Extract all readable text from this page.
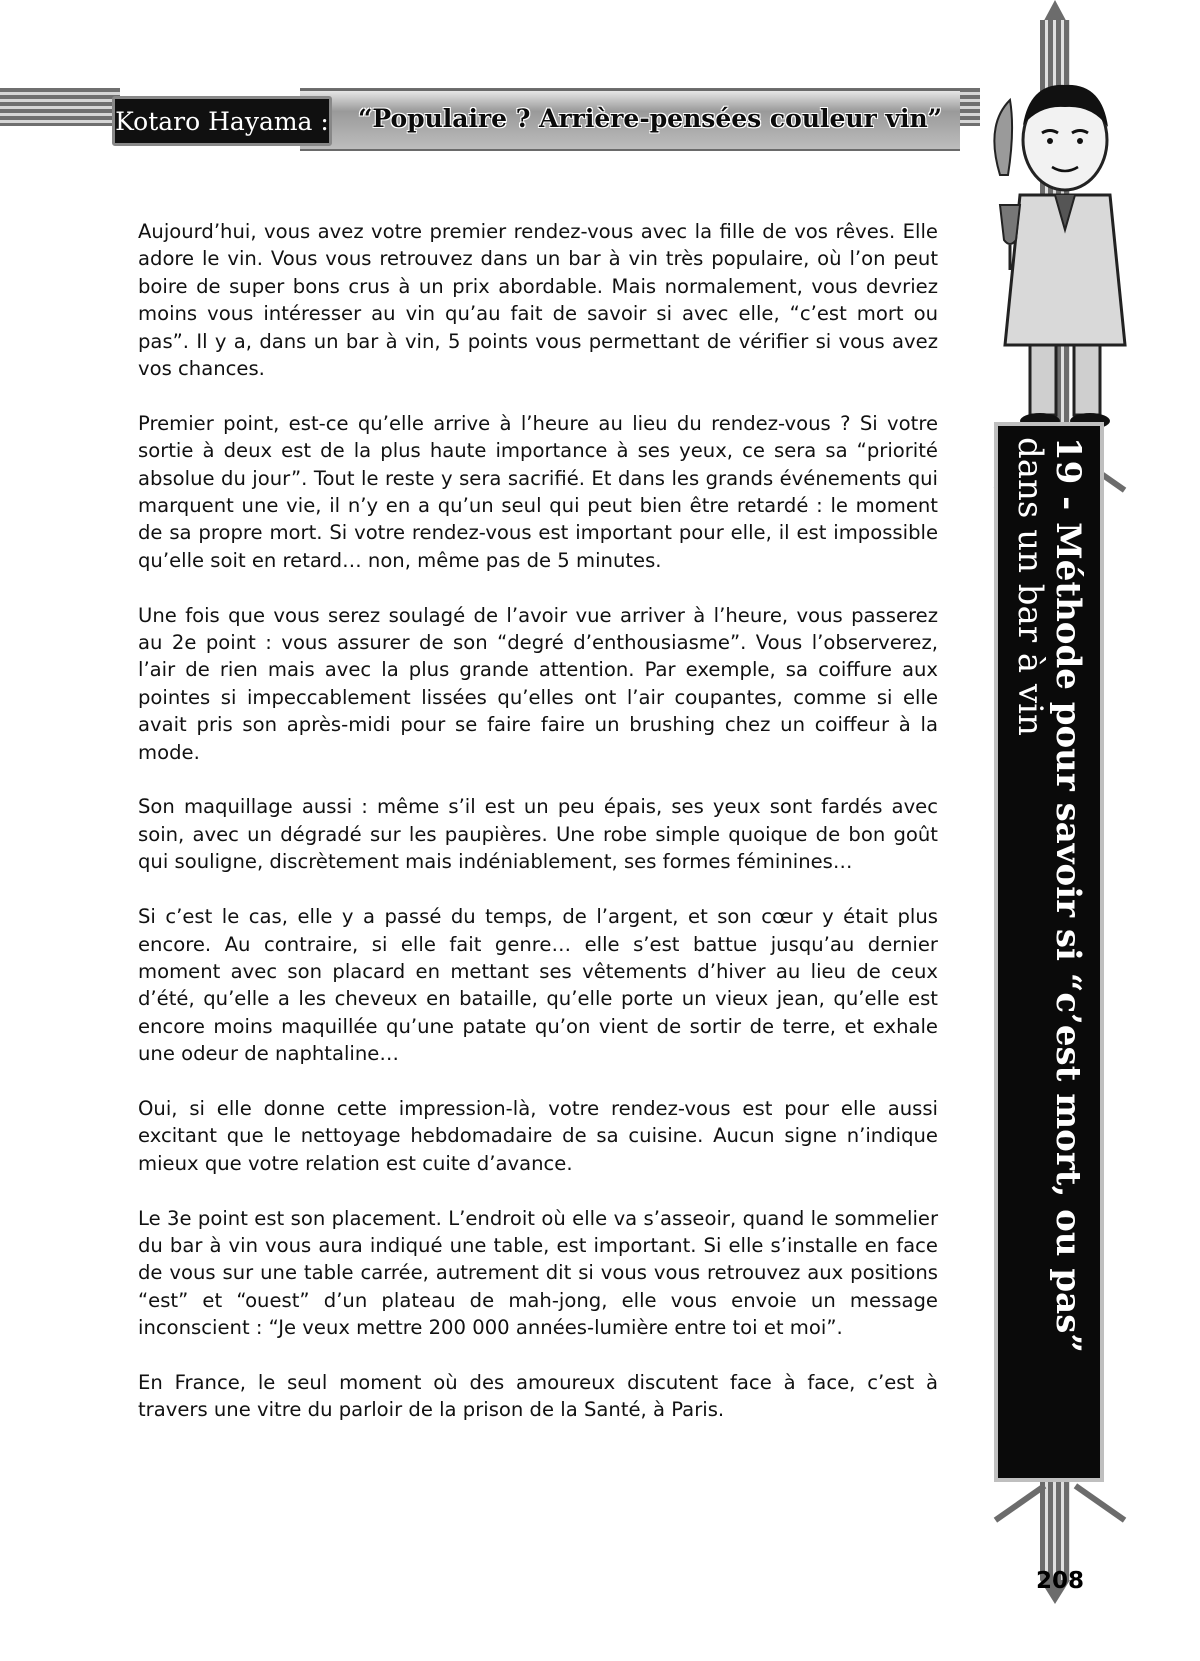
Kotaro Hayama :	“Populaire ? Arrière-pensées couleur vin”
19 - Méthode pour savoir si “c’est mort, ou pas”
dans un bar à vin

Aujourd’hui, vous avez votre premier rendez-vous avec la fille de vos rêves. Elle adore le vin. Vous vous retrouvez dans un bar à vin très populaire, où l’on peut boire de super bons crus à un prix abordable. Mais normalement, vous devriez moins vous intéresser au vin qu’au fait de savoir si avec elle, “c’est mort ou pas”. Il y a, dans un bar à vin, 5 points vous permettant de vérifier si vous avez vos chances.

Premier point, est-ce qu’elle arrive à l’heure au lieu du rendez-vous ? Si votre sortie à deux est de la plus haute importance à ses yeux, ce sera sa “priorité absolue du jour”. Tout le reste y sera sacrifié. Et dans les grands événements qui marquent une vie, il n’y en a qu’un seul qui peut bien être retardé : le moment de sa propre mort. Si votre rendez-vous est important pour elle, il est impossible qu’elle soit en retard… non, même pas de 5 minutes.

Une fois que vous serez soulagé de l’avoir vue arriver à l’heure, vous passerez au 2e point : vous assurer de son “degré d’enthousiasme”. Vous l’observerez, l’air de rien mais avec la plus grande attention. Par exemple, sa coiffure aux pointes si impeccablement lissées qu’elles ont l’air coupantes, comme si elle avait pris son après-midi pour se faire faire un brushing chez un coiffeur à la mode.

Son maquillage aussi : même s’il est un peu épais, ses yeux sont fardés avec soin, avec un dégradé sur les paupières. Une robe simple quoique de bon goût qui souligne, discrètement mais indéniablement, ses formes féminines…

Si c’est le cas, elle y a passé du temps, de l’argent, et son cœur y était plus encore. Au contraire, si elle fait genre… elle s’est battue jusqu’au dernier moment avec son placard en mettant ses vêtements d’hiver au lieu de ceux d’été, qu’elle a les cheveux en bataille, qu’elle porte un vieux jean, qu’elle est encore moins maquillée qu’une patate qu’on vient de sortir de terre, et exhale une odeur de naphtaline…

Oui, si elle donne cette impression-là, votre rendez-vous est pour elle aussi excitant que le nettoyage hebdomadaire de sa cuisine. Aucun signe n’indique mieux que votre relation est cuite d’avance.

Le 3e point est son placement. L’endroit où elle va s’asseoir, quand le sommelier du bar à vin vous aura indiqué une table, est important. Si elle s’installe en face de vous sur une table carrée, autrement dit si vous vous retrouvez aux positions “est” et “ouest” d’un plateau de mah-jong, elle vous envoie un message inconscient : “Je veux mettre 200 000 années-lumière entre toi et moi”.

En France, le seul moment où des amoureux discutent face à face, c’est à travers une vitre du parloir de la prison de la Santé, à Paris.

208
